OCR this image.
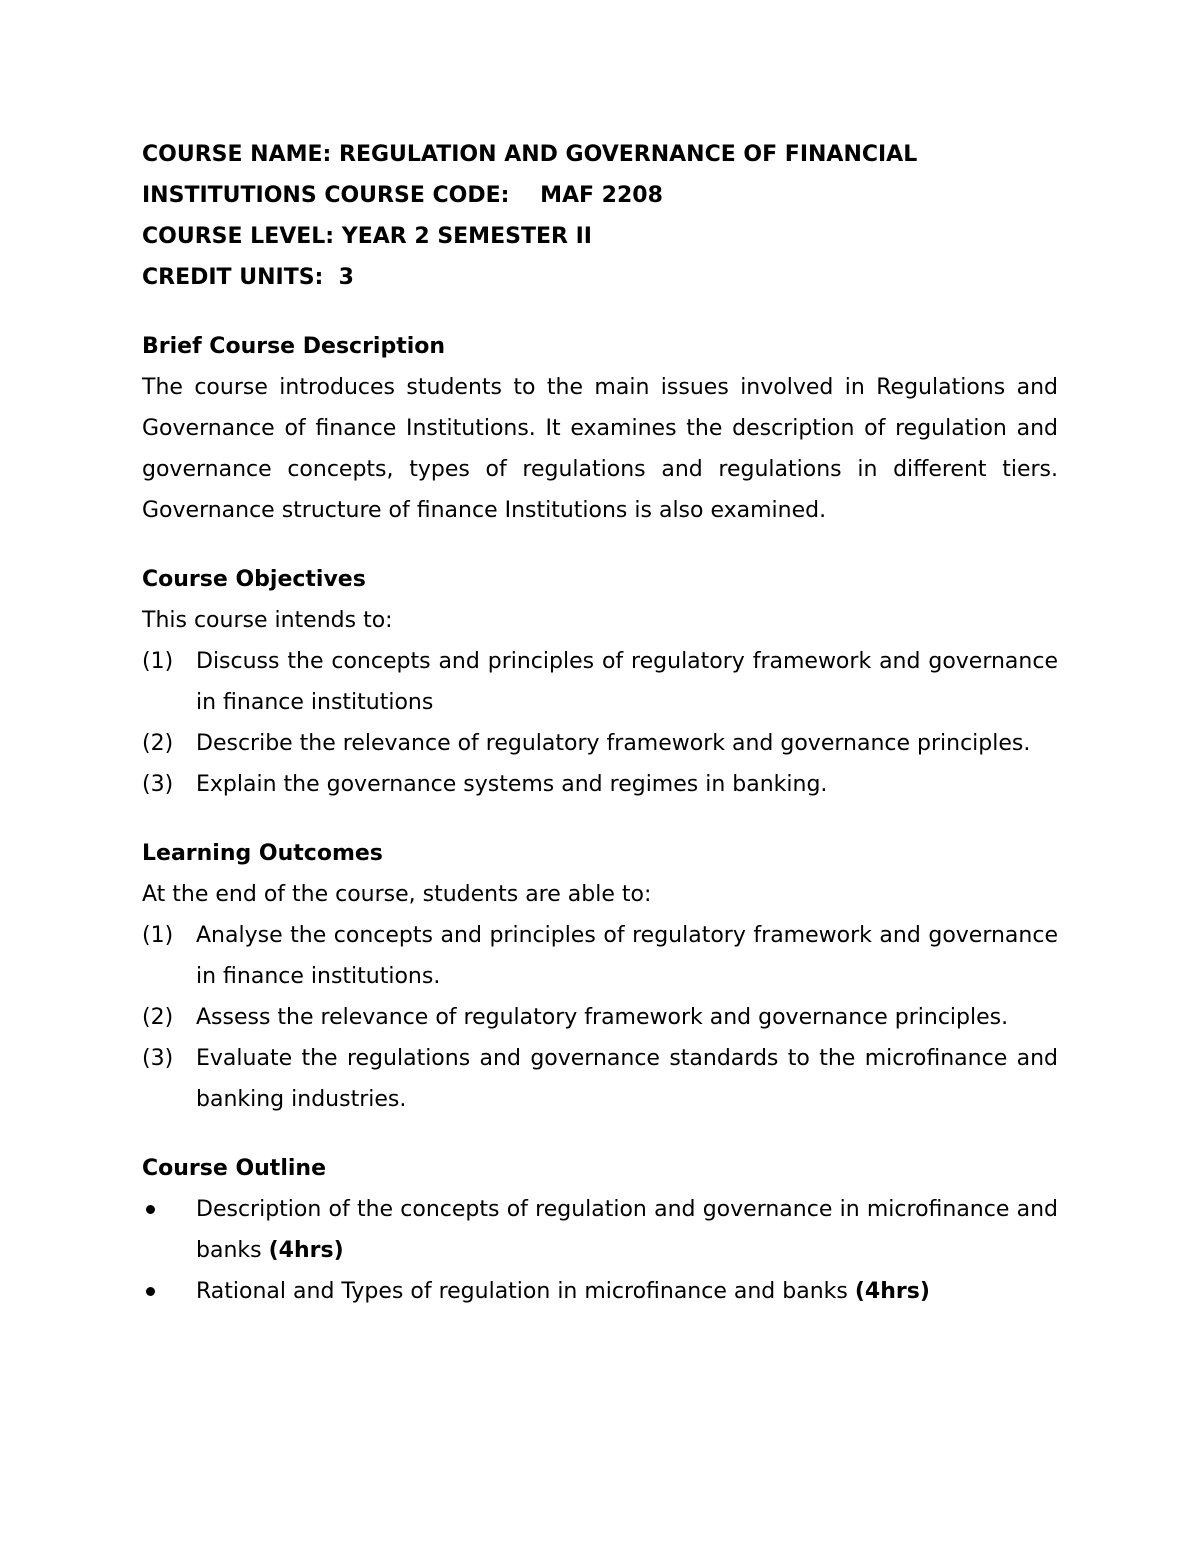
COURSE NAME: REGULATION AND GOVERNANCE OF FINANCIAL
INSTITUTIONS COURSE CODE:    MAF 2208
COURSE LEVEL: YEAR 2 SEMESTER II
CREDIT UNITS:  3
Brief Course Description
The course introduces students to the main issues involved in Regulations and Governance of finance Institutions. It examines the description of regulation and governance concepts, types of regulations and regulations in different tiers. Governance structure of finance Institutions is also examined.
Course Objectives
This course intends to:
(1)	Discuss the concepts and principles of regulatory framework and governance in finance institutions
(2)	Describe the relevance of regulatory framework and governance principles.
(3)	Explain the governance systems and regimes in banking.
Learning Outcomes
At the end of the course, students are able to:
(1)	Analyse the concepts and principles of regulatory framework and governance in finance institutions.
(2)	Assess the relevance of regulatory framework and governance principles.
(3)	Evaluate the regulations and governance standards to the microfinance and banking industries.
Course Outline
Description of the concepts of regulation and governance in microfinance and banks (4hrs)
Rational and Types of regulation in microfinance and banks (4hrs)
